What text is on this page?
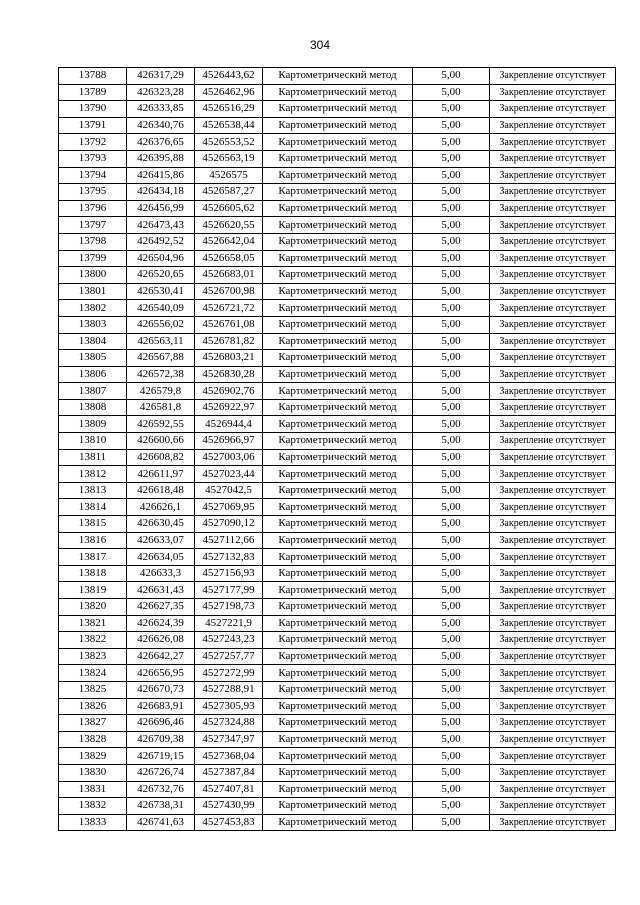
304
13788	426317,29	4526443,62	Картометрический метод	5,00	Закрепление отсутствует
13789	426323,28	4526462,96	Картометрический метод	5,00	Закрепление отсутствует
13790	426333,85	4526516,29	Картометрический метод	5,00	Закрепление отсутствует
13791	426340,76	4526538,44	Картометрический метод	5,00	Закрепление отсутствует
13792	426376,65	4526553,52	Картометрический метод	5,00	Закрепление отсутствует
13793	426395,88	4526563,19	Картометрический метод	5,00	Закрепление отсутствует
13794	426415,86	4526575	Картометрический метод	5,00	Закрепление отсутствует
13795	426434,18	4526587,27	Картометрический метод	5,00	Закрепление отсутствует
13796	426456,99	4526605,62	Картометрический метод	5,00	Закрепление отсутствует
13797	426473,43	4526620,55	Картометрический метод	5,00	Закрепление отсутствует
13798	426492,52	4526642,04	Картометрический метод	5,00	Закрепление отсутствует
13799	426504,96	4526658,05	Картометрический метод	5,00	Закрепление отсутствует
13800	426520,65	4526683,01	Картометрический метод	5,00	Закрепление отсутствует
13801	426530,41	4526700,98	Картометрический метод	5,00	Закрепление отсутствует
13802	426540,09	4526721,72	Картометрический метод	5,00	Закрепление отсутствует
13803	426556,02	4526761,08	Картометрический метод	5,00	Закрепление отсутствует
13804	426563,11	4526781,82	Картометрический метод	5,00	Закрепление отсутствует
13805	426567,88	4526803,21	Картометрический метод	5,00	Закрепление отсутствует
13806	426572,38	4526830,28	Картометрический метод	5,00	Закрепление отсутствует
13807	426579,8	4526902,76	Картометрический метод	5,00	Закрепление отсутствует
13808	426581,8	4526922,97	Картометрический метод	5,00	Закрепление отсутствует
13809	426592,55	4526944,4	Картометрический метод	5,00	Закрепление отсутствует
13810	426600,66	4526966,97	Картометрический метод	5,00	Закрепление отсутствует
13811	426608,82	4527003,06	Картометрический метод	5,00	Закрепление отсутствует
13812	426611,97	4527023,44	Картометрический метод	5,00	Закрепление отсутствует
13813	426618,48	4527042,5	Картометрический метод	5,00	Закрепление отсутствует
13814	426626,1	4527069,95	Картометрический метод	5,00	Закрепление отсутствует
13815	426630,45	4527090,12	Картометрический метод	5,00	Закрепление отсутствует
13816	426633,07	4527112,66	Картометрический метод	5,00	Закрепление отсутствует
13817	426634,05	4527132,83	Картометрический метод	5,00	Закрепление отсутствует
13818	426633,3	4527156,93	Картометрический метод	5,00	Закрепление отсутствует
13819	426631,43	4527177,99	Картометрический метод	5,00	Закрепление отсутствует
13820	426627,35	4527198,73	Картометрический метод	5,00	Закрепление отсутствует
13821	426624,39	4527221,9	Картометрический метод	5,00	Закрепление отсутствует
13822	426626,08	4527243,23	Картометрический метод	5,00	Закрепление отсутствует
13823	426642,27	4527257,77	Картометрический метод	5,00	Закрепление отсутствует
13824	426656,95	4527272,99	Картометрический метод	5,00	Закрепление отсутствует
13825	426670,73	4527288,91	Картометрический метод	5,00	Закрепление отсутствует
13826	426683,91	4527305,93	Картометрический метод	5,00	Закрепление отсутствует
13827	426696,46	4527324,88	Картометрический метод	5,00	Закрепление отсутствует
13828	426709,38	4527347,97	Картометрический метод	5,00	Закрепление отсутствует
13829	426719,15	4527368,04	Картометрический метод	5,00	Закрепление отсутствует
13830	426726,74	4527387,84	Картометрический метод	5,00	Закрепление отсутствует
13831	426732,76	4527407,81	Картометрический метод	5,00	Закрепление отсутствует
13832	426738,31	4527430,99	Картометрический метод	5,00	Закрепление отсутствует
13833	426741,63	4527453,83	Картометрический метод	5,00	Закрепление отсутствует
